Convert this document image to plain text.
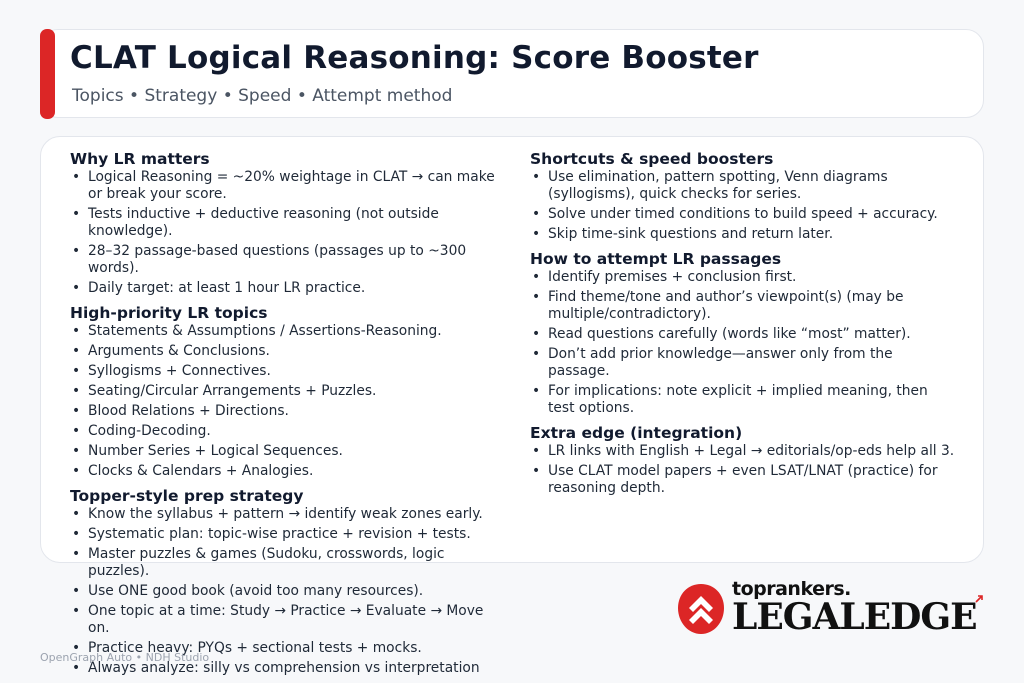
CLAT Logical Reasoning: Score Booster
Topics • Strategy • Speed • Attempt method
Why LR matters
• Logical Reasoning = ~20% weightage in CLAT → can make or break your score.
• Tests inductive + deductive reasoning (not outside knowledge).
• 28–32 passage-based questions (passages up to ~300 words).
• Daily target: at least 1 hour LR practice.
High-priority LR topics
• Statements & Assumptions / Assertions-Reasoning.
• Arguments & Conclusions.
• Syllogisms + Connectives.
• Seating/Circular Arrangements + Puzzles.
• Blood Relations + Directions.
• Coding-Decoding.
• Number Series + Logical Sequences.
• Clocks & Calendars + Analogies.
Topper-style prep strategy
• Know the syllabus + pattern → identify weak zones early.
• Systematic plan: topic-wise practice + revision + tests.
• Master puzzles & games (Sudoku, crosswords, logic puzzles).
• Use ONE good book (avoid too many resources).
• One topic at a time: Study → Practice → Evaluate → Move on.
• Practice heavy: PYQs + sectional tests + mocks.
• Always analyze: silly vs comprehension vs interpretation
Shortcuts & speed boosters
• Use elimination, pattern spotting, Venn diagrams (syllogisms), quick checks for series.
• Solve under timed conditions to build speed + accuracy.
• Skip time-sink questions and return later.
How to attempt LR passages
• Identify premises + conclusion first.
• Find theme/tone and author’s viewpoint(s) (may be multiple/contradictory).
• Read questions carefully (words like “most” matter).
• Don’t add prior knowledge—answer only from the passage.
• For implications: note explicit + implied meaning, then test options.
Extra edge (integration)
• LR links with English + Legal → editorials/op-eds help all 3.
• Use CLAT model papers + even LSAT/LNAT (practice) for reasoning depth.
OpenGraph Auto • NDH Studio
toprankers.
LEGALEDGE
